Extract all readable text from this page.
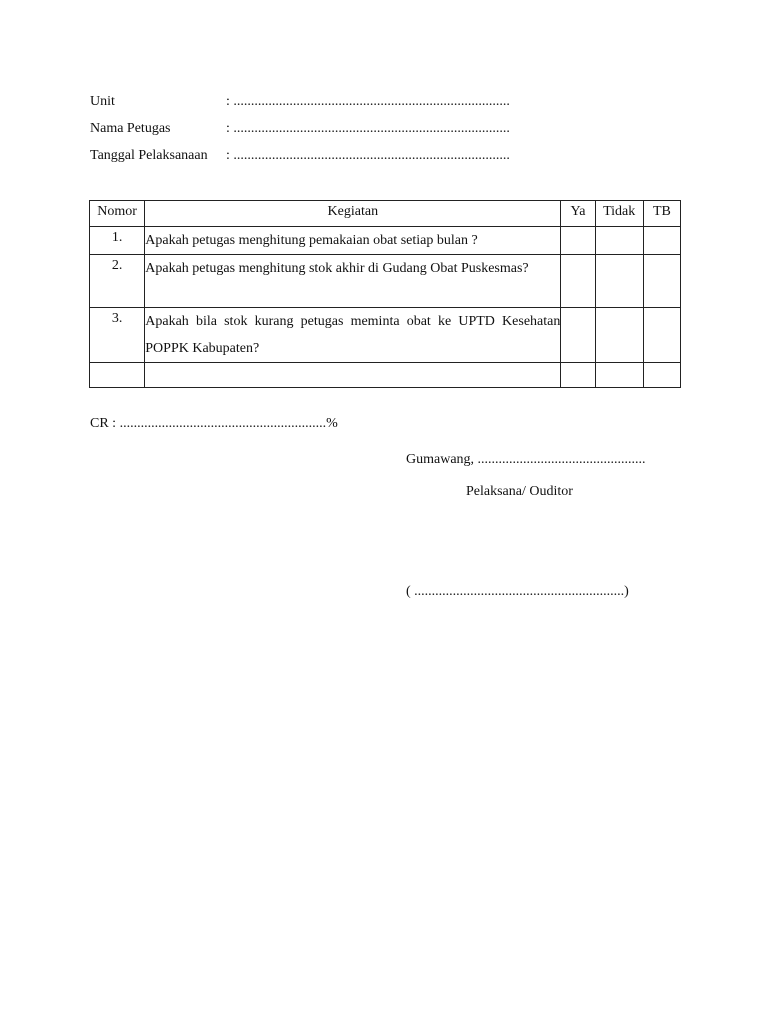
Unit	: ...............................................................................
Nama Petugas	: ...............................................................................
Tanggal Pelaksanaan : ...............................................................................
Nomor	Kegiatan	Ya	Tidak	TB
1.	Apakah petugas menghitung pemakaian obat setiap bulan ?			
2.	Apakah petugas menghitung stok akhir di Gudang Obat Puskesmas?			
3.	Apakah bila stok kurang petugas meminta obat ke UPTD Kesehatan POPPK Kabupaten?			

CR : ...........................................................%
Gumawang, ................................................
Pelaksana/ Ouditor
( ............................................................)
